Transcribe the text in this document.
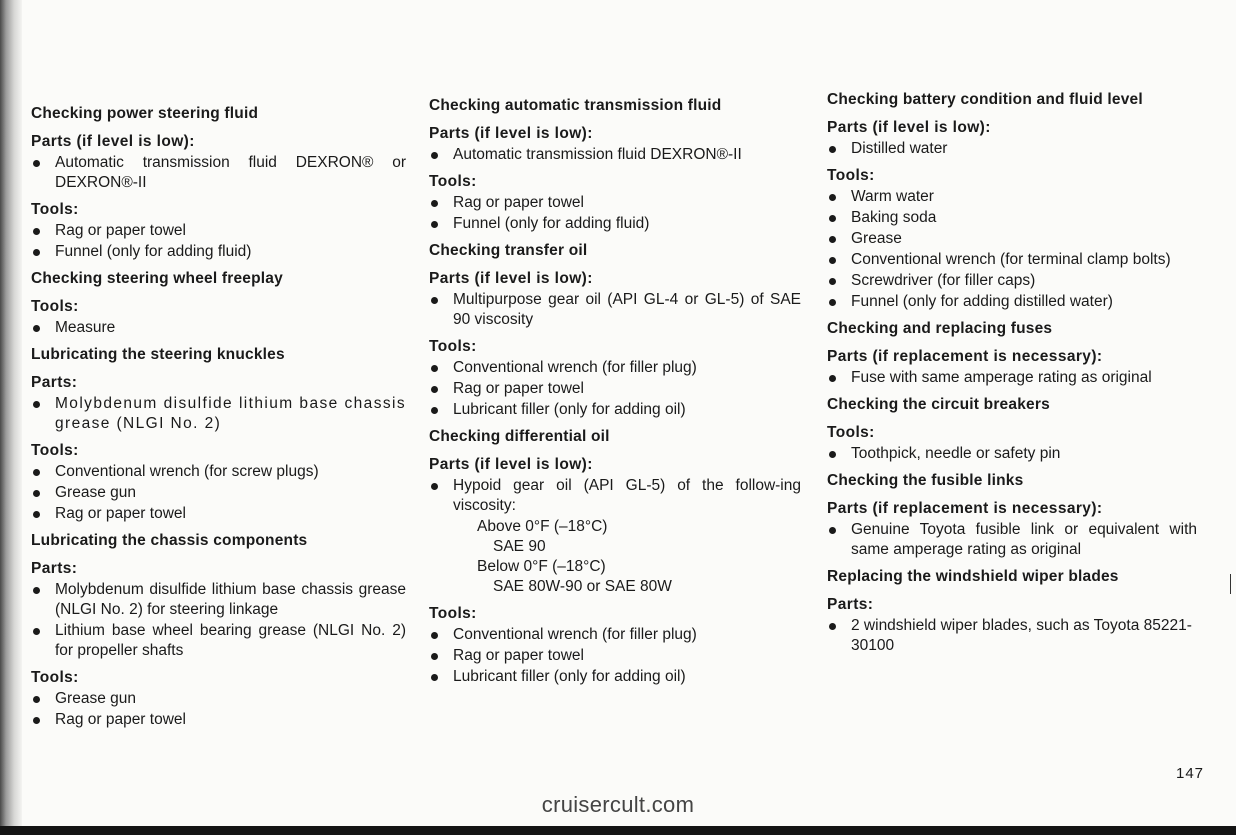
Checking power steering fluid
Parts (if level is low):
Automatic transmission fluid DEXRON® or DEXRON®-II
Tools:
Rag or paper towel
Funnel (only for adding fluid)
Checking steering wheel freeplay
Tools:
Measure
Lubricating the steering knuckles
Parts:
Molybdenum disulfide lithium base chassis grease (NLGI No. 2)
Tools:
Conventional wrench (for screw plugs)
Grease gun
Rag or paper towel
Lubricating the chassis components
Parts:
Molybdenum disulfide lithium base chassis grease (NLGI No. 2) for steering linkage
Lithium base wheel bearing grease (NLGI No. 2) for propeller shafts
Tools:
Grease gun
Rag or paper towel
Checking automatic transmission fluid
Parts (if level is low):
Automatic transmission fluid DEXRON®-II
Tools:
Rag or paper towel
Funnel (only for adding fluid)
Checking transfer oil
Parts (if level is low):
Multipurpose gear oil (API GL-4 or GL-5) of SAE 90 viscosity
Tools:
Conventional wrench (for filler plug)
Rag or paper towel
Lubricant filler (only for adding oil)
Checking differential oil
Parts (if level is low):
Hypoid gear oil (API GL-5) of the follow-ing viscosity:

Above 0°F (–18°C)

SAE 90

Below 0°F (–18°C)

SAE 80W-90 or SAE 80W

Tools:
Conventional wrench (for filler plug)
Rag or paper towel
Lubricant filler (only for adding oil)
Checking battery condition and fluid level
Parts (if level is low):
Distilled water
Tools:
Warm water
Baking soda
Grease
Conventional wrench (for terminal clamp bolts)
Screwdriver (for filler caps)
Funnel (only for adding distilled water)
Checking and replacing fuses
Parts (if replacement is necessary):
Fuse with same amperage rating as original
Checking the circuit breakers
Tools:
Toothpick, needle or safety pin
Checking the fusible links
Parts (if replacement is necessary):
Genuine Toyota fusible link or equivalent with same amperage rating as original
Replacing the windshield wiper blades
Parts:
2 windshield wiper blades, such as Toyota 85221-30100
147
cruisercult.com
